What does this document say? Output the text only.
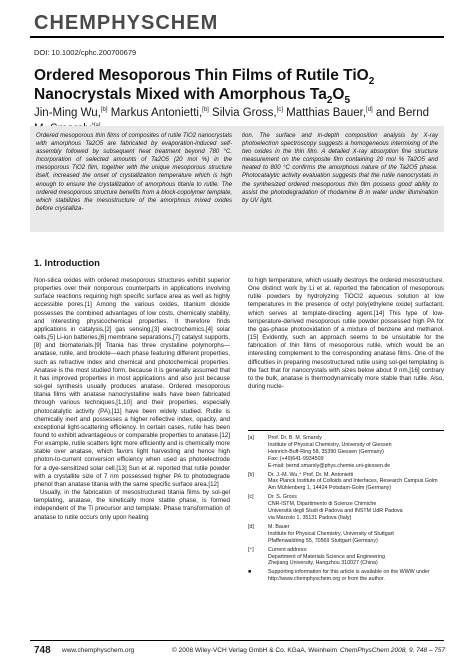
CHEMPHYSCHEM
DOI: 10.1002/cphc.200700679
Ordered Mesoporous Thin Films of Rutile TiO$_2$
Nanocrystals Mixed with Amorphous $Ta_2O_5$
Jin-Ming Wu,[b] Markus Antonietti,[b] Silvia Gross,[c] Matthias Bauer,[d] and Bernd

Ordered mesoporous thin films of composites of rutile TiO2 nanocrystals with amorphous Ta2O5 are fabricated by evaporation-induced self-assembly followed by subsequent heat treatment beyond 780 °C. Incorporation of selected amounts of Ta2O5 (20 mol %) in the mesoporous TiO2 film, together with the unique mesoporous structure itself, increased the onset of crystallization temperature which is high enough to ensure the crystallization of amorphous titania to rutile. The ordered mesoporous structure benefits from a block-copolymer template, which stabilizes the mesostructure of the amorphous mixed oxides before crystalliza-

tion. The surface and in-depth composition analysis by X-ray photoelectron spectroscopy suggests a homogeneous intermixing of the two oxides in the thin film. A detailed X-ray absorption fine structure measurement on the composite film containing 20 mol % Ta2O5 and heated to 800 °C confirms the amorphous nature of the Ta2O5 phase. Photocatalytic activity evaluation suggests that the rutile nanocrystals in the synthesized ordered mesoporous thin film possess good ability to assist the photodegradation of rhodamine B in water under illumination by UV light.

1. Introduction

Non-silica oxides with ordered mesoporous structures exhibit superior properties over their nonporous counterparts in applications involving surface reactions requiring high specific surface area as well as highly accessible pores.[1] Among the various oxides, titanium dioxide possesses the combined advantages of low costs, chemically stability, and interesting physicochemical properties. It therefore finds applications in catalysis,[2] gas sensing,[3] electrochemics,[4] solar cells,[5] Li-ion batteries,[6] membrane separations,[7] catalyst supports,[8] and biomaterials.[9] Titania has three crystalline polymorphs—anatase, rutile, and brookite—each phase featuring different properties, such as refractive index and chemical and photochemical properties. Anatase is the most studied form, because it is generally assumed that it has improved properties in most applications and also just because sol-gel synthesis usually produces anatase. Ordered mesoporous titania films with anatase nanocrystalline walls have been fabricated through various techniques,[1,10] and their properties, especially photocatalytic activity (PA),[11] have been widely studied. Rutile is chemically inert and possesses a higher reflective index, opacity, and exceptional light-scattering efficiency. In certain cases, rutile has been found to exhibit advantageous or comparable properties to anatase.[12] For example, rutile scatters light more efficiently and is chemically more stable over anatase, which favors light harvesting and hence high photon-to-current conversion efficiency when used as photoelectrode for a dye-sensitized solar cell.[13] Sun et al. reported that rutile powder with a crystallite size of 7 nm possessed higher PA to photodegrade phenol than anatase titania with the same specific surface area.[12]

Usually, in the fabrication of mesostructured titania films by sol-gel templating, anatase, the kinetically more stable phase, is formed independent of the Ti precursor and template. Phase transformation of anatase to rutile occurs only upon heating

to high temperature, which usually destroys the ordered mesostructure. One distinct work by Li et al. reported the fabrication of mesoporous rutile powders by hydrolyzing TiOCl2 aqueous solution at low temperatures in the presence of octyl poly(ethylene oxide) surfactant, which serves at template-directing agent.[14] This type of low-temperature-derived mesoporous rutile powder possessed high PA for the gas-phase photooxidation of a mixture of benzene and methanol.[15] Evidently, such an approach seems to be unsuitable for the fabrication of thin films of mesoporous rutile, which would be an interesting complement to the corresponding anatase films. One of the difficulties in preparing mesostructured rutile using sol-gel templating is the fact that for nanocrystals with sizes below about 9 nm,[16] contrary to the bulk, anatase is thermodynamically more stable than rutile. Also, during nucle-

[a]	Prof. Dr. B. M. Smarsly
Institute of Physical Chemistry, University of Giessen
Heinrich-Buff-Ring 58, 35390 Giessen (Germany)
Fax: (+49)641-9934509
E-mail: bernd.smarsly@phys.chemie.uni-giessen.de
[b]	Dr. J.-M. Wu,⁺ Prof. Dr. M. Antonietti
Max Planck Institute of Colloids and Interfaces, Research Campus Golm
Am Mühlenberg 1, 14424 Potsdam-Golm (Germany)
[c]	Dr. S. Gross
CNR-ISTM, Dipartimento di Scienze Chimiche
Università degli Studi di Padova and INSTM UdR Padova
via Marzolo 1, 35131 Padova (Italy)
[d]	M. Bauer
Institute for Physical Chemistry, University of Stuttgart
Pfaffenwaldring 55, 70569 Stuttgart (Germany)
[⁺]	Current address:
Department of Materials Science and Engineering
Zhejiang University, Hangzhou 310027 (China)
■	Supporting information for this article is available on the WWW under http://www.chemphyschem.org or from the author.
748 www.chemphyschem.org	© 2008 Wiley-VCH Verlag GmbH & Co. KGaA, Weinheim ChemPhysChem 2008, 9, 748 – 757
